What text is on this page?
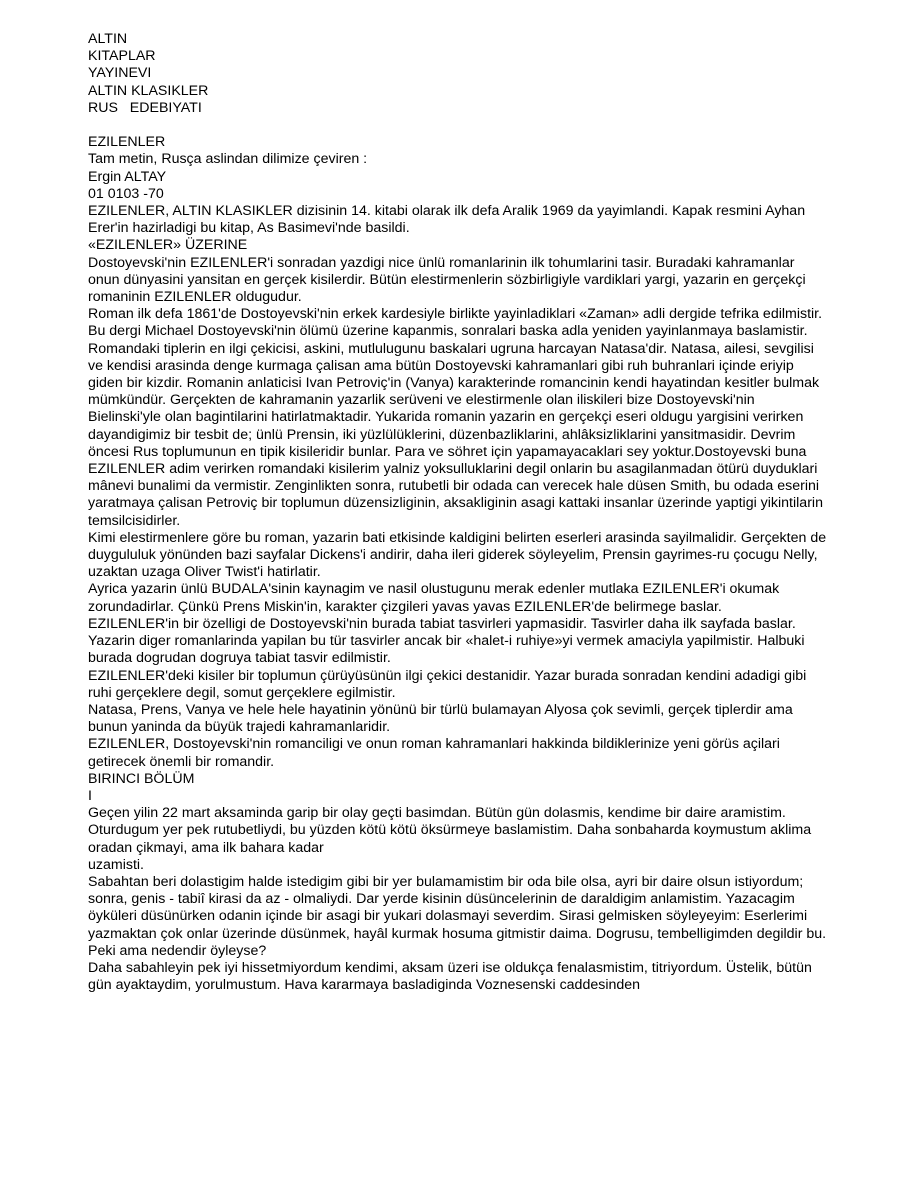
ALTIN
KITAPLAR
YAYINEVI
ALTIN KLASIKLER
RUS   EDEBIYATI
EZILENLER
Tam metin, Rusça aslindan dilimize çeviren :
Ergin ALTAY
01 0103 -70

EZILENLER, ALTIN KLASIKLER dizisinin 14. kitabi olarak ilk defa Aralik 1969 da yayimlandi. Kapak resmini Ayhan Erer'in hazirladigi bu kitap, As Basimevi'nde basildi.

«EZILENLER» ÜZERINE

Dostoyevski'nin EZILENLER'i sonradan yazdigi nice ünlü romanlarinin ilk tohumlarini tasir. Buradaki kahramanlar onun dünyasini yansitan en gerçek kisilerdir. Bütün elestirmenlerin sözbirligiyle vardiklari yargi, yazarin en gerçekçi romaninin EZILENLER oldugudur.

Roman ilk defa 1861'de Dostoyevski'nin erkek kardesiyle birlikte yayinladiklari «Zaman» adli dergide tefrika edilmistir. Bu dergi Michael Dostoyevski'nin ölümü üzerine kapanmis, sonralari baska adla yeniden yayinlanmaya baslamistir.

Romandaki tiplerin en ilgi çekicisi, askini, mutlulugunu baskalari ugruna harcayan Natasa'dir. Natasa, ailesi, sevgilisi ve kendisi arasinda denge kurmaga çalisan ama bütün Dostoyevski kahramanlari gibi ruh buhranlari içinde eriyip giden bir kizdir. Romanin anlaticisi Ivan Petroviç'in (Vanya) karakterinde romancinin kendi hayatindan kesitler bulmak mümkündür. Gerçekten de kahramanin yazarlik serüveni ve elestirmenle olan iliskileri bize Dostoyevski'nin Bielinski'yle olan bagintilarini hatirlatmaktadir. Yukarida romanin yazarin en gerçekçi eseri oldugu yargisini verirken dayandigimiz bir tesbit de; ünlü Prensin, iki yüzlülüklerini, düzenbazliklarini, ahlâksizliklarini yansitmasidir. Devrim öncesi Rus toplumunun en tipik kisileridir bunlar. Para ve söhret için yapamayacaklari sey yoktur.Dostoyevski buna EZILENLER adim verirken romandaki kisilerim yalniz yoksulluklarini degil onlarin bu asagilanmadan ötürü duyduklari mânevi bunalimi da vermistir. Zenginlikten sonra, rutubetli bir odada can verecek hale düsen Smith, bu odada eserini yaratmaya çalisan Petroviç bir toplumun düzensizliginin, aksakliginin asagi kattaki insanlar üzerinde yaptigi yikintilarin temsilcisidirler.

Kimi elestirmenlere göre bu roman, yazarin bati etkisinde kaldigini belirten eserleri arasinda sayilmalidir. Gerçekten de duygululuk yönünden bazi sayfalar Dickens'i andirir, daha ileri giderek söyleyelim, Prensin gayrimes-ru çocugu Nelly, uzaktan uzaga Oliver Twist'i hatirlatir.

Ayrica yazarin ünlü BUDALA'sinin kaynagim ve nasil olustugunu merak edenler mutlaka EZILENLER'i okumak zorundadirlar. Çünkü Prens Miskin'in, karakter çizgileri yavas yavas EZILENLER'de belirmege baslar.

EZILENLER'in bir özelligi de Dostoyevski'nin burada tabiat tasvirleri yapmasidir. Tasvirler daha ilk sayfada baslar. Yazarin diger romanlarinda yapilan bu tür tasvirler ancak bir «halet-i ruhiye»yi vermek amaciyla yapilmistir. Halbuki burada dogrudan dogruya tabiat tasvir edilmistir.

EZILENLER'deki kisiler bir toplumun çürüyüsünün ilgi çekici destanidir. Yazar burada sonradan kendini adadigi gibi ruhi gerçeklere degil, somut gerçeklere egilmistir.

Natasa, Prens, Vanya ve hele hele hayatinin yönünü bir türlü bulamayan Alyosa çok sevimli, gerçek tiplerdir ama bunun yaninda da büyük trajedi kahramanlaridir.

EZILENLER, Dostoyevski'nin romanciligi ve onun roman kahramanlari hakkinda bildiklerinize yeni görüs açilari getirecek önemli bir romandir.

BIRINCI BÖLÜM

I

Geçen yilin 22 mart aksaminda garip bir olay geçti basimdan. Bütün gün dolasmis, kendime bir daire aramistim. Oturdugum yer pek rutubetliydi, bu yüzden kötü kötü öksürmeye baslamistim. Daha sonbaharda koymustum aklima oradan çikmayi, ama ilk bahara kadar

uzamisti.

Sabahtan beri dolastigim halde istedigim gibi bir yer bulamamistim bir oda bile olsa, ayri bir daire olsun istiyordum; sonra, genis - tabiî kirasi da az - olmaliydi. Dar yerde kisinin düsüncelerinin de daraldigim anlamistim. Yazacagim öyküleri düsünürken odanin içinde bir asagi bir yukari dolasmayi severdim. Sirasi gelmisken söyleyeyim: Eserlerimi yazmaktan çok onlar üzerinde düsünmek, hayâl kurmak hosuma gitmistir daima. Dogrusu, tembelligimden degildir bu. Peki ama nedendir öyleyse?

Daha sabahleyin pek iyi hissetmiyordum kendimi, aksam üzeri ise oldukça fenalasmistim, titriyordum. Üstelik, bütün gün ayaktaydim, yorulmustum. Hava kararmaya basladiginda Voznesenski caddesinden
